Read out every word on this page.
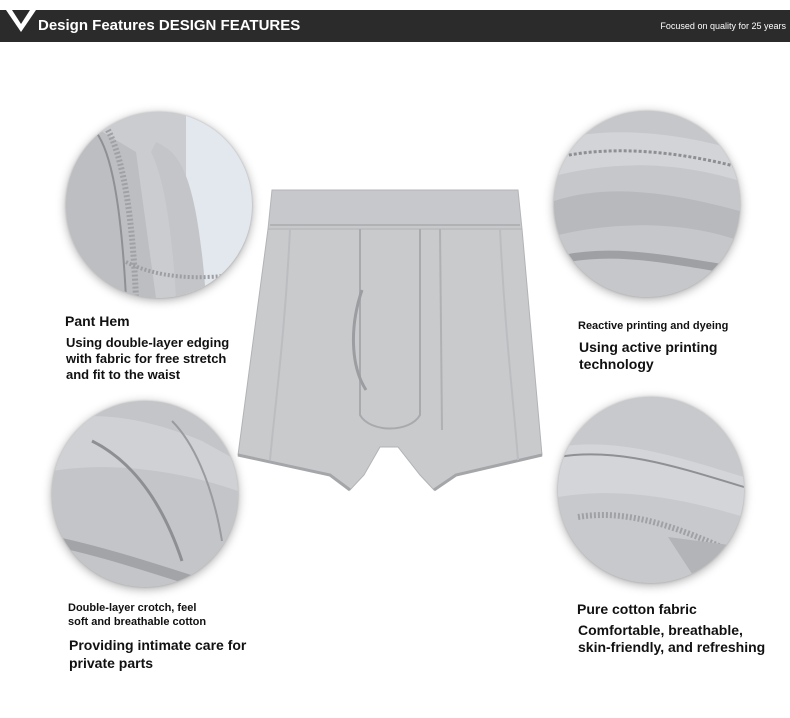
Design Features DESIGN FEATURES	Focused on quality for 25 years
Pant Hem
Using double-layer edging
with fabric for free stretch
and fit to the waist
Reactive printing and dyeing
Using active printing
technology
Double-layer crotch, feel
soft and breathable cotton
Providing intimate care for
private parts
Pure cotton fabric
Comfortable, breathable,
skin-friendly, and refreshing
